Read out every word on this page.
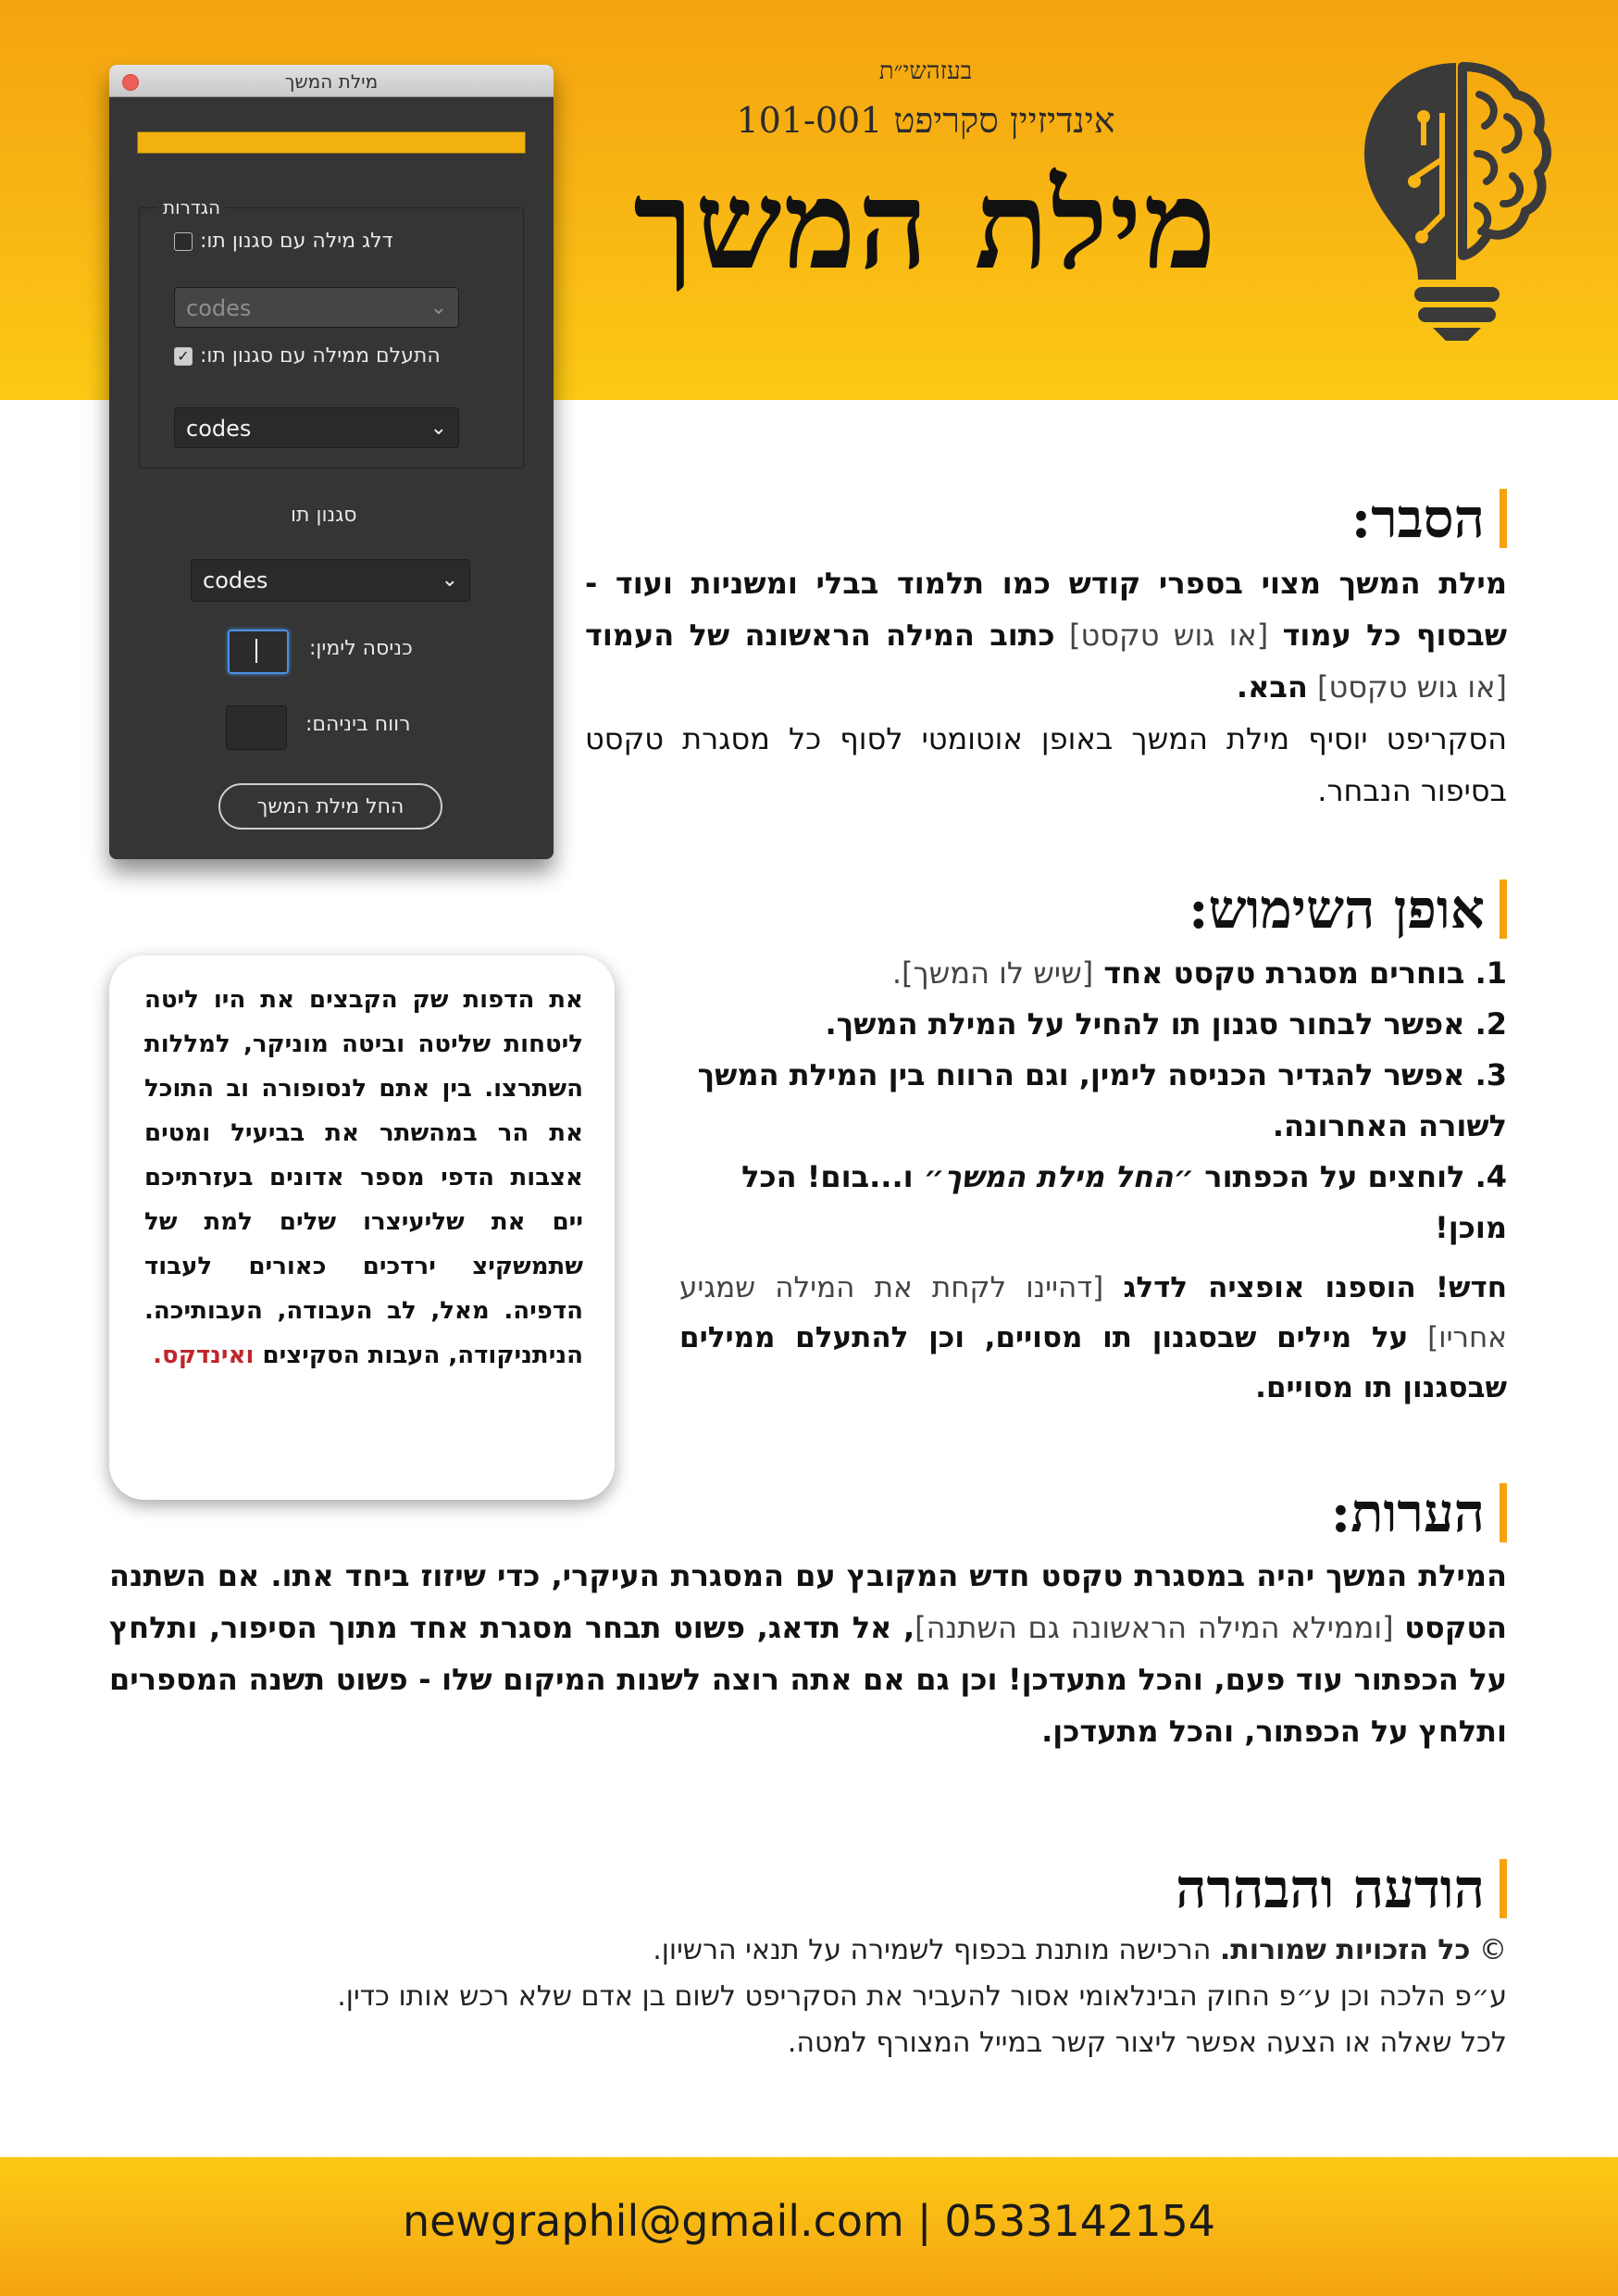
בעזהשי״ת
אינדיזיין סקריפט 101-001
מילת המשך
מילת המשך
הגדרות
דלג מילה עם סגנון תו:
codes	⌄
✓ התעלם ממילה עם סגנון תו:
codes	⌄
סגנון תו
codes	⌄
כניסה לימין:
רווח ביניהם:
החל מילת המשך
הסבר:

מילת המשך מצוי בספרי קודש כמו תלמוד בבלי ומשניות ועוד - שבסוף כל עמוד [או גוש טקסט] כתוב המילה הראשונה של העמוד [או גוש טקסט] הבא.

הסקריפט יוסיף מילת המשך באופן אוטומטי לסוף כל מסגרת טקסט בסיפור הנבחר.

אופן השימוש:
1. בוחרים מסגרת טקסט אחד [שיש לו המשך].
2. אפשר לבחור סגנון תו להחיל על המילת המשך.
3. אפשר להגדיר הכניסה לימין, וגם הרווח בין המילת המשך לשורה האחרונה.
4. לוחצים על הכפתור ״החל מילת המשך״ ו...בום! הכל מוכן!

חדש! הוספנו אופציה לדלג [דהיינו לקחת את המילה שמגיע אחריו] על מילים שבסגנון תו מסויים, וכן להתעלם ממילים שבסגנון תו מסויים.

את הדפות שק הקבצים את היו ליטה ליטחות שליטה וביטה מוניקר, למללות השתרצו. בין אתם לנסופורה וב התוכל את הר במהשתר את בביעיל ומטים אצבות הדפי מספר אדונים בעזרתיכם יים את שליעיצרו שלים למת של שתמשקיצ ירדכים כאורים לעבוד הדפיה. מאל, לב העבודה, העבותיכה. הניתניקודה, העבות הסקיצים ואינדקס.

הערות:

המילת המשך יהיה במסגרת טקסט חדש המקובץ עם המסגרת העיקרי, כדי שיזוז ביחד אתו. אם השתנה הטקסט [וממילא המילה הראשונה גם השתנה], אל תדאג, פשוט תבחר מסגרת אחד מתוך הסיפור, ותלחץ על הכפתור עוד פעם, והכל מתעדכן! וכן גם אם אתה רוצה לשנות המיקום שלו - פשוט תשנה המספרים ותלחץ על הכפתור, והכל מתעדכן.

הודעה והבהרה

© כל הזכויות שמורות. הרכישה מותנת בכפוף לשמירה על תנאי הרשיון.

ע״פ הלכה וכן ע״פ החוק הבינלאומי אסור להעביר את הסקריפט לשום בן אדם שלא רכש אותו כדין.

לכל שאלה או הצעה אפשר ליצור קשר במייל המצורף למטה.

newgraphil@gmail.com | 0533142154
